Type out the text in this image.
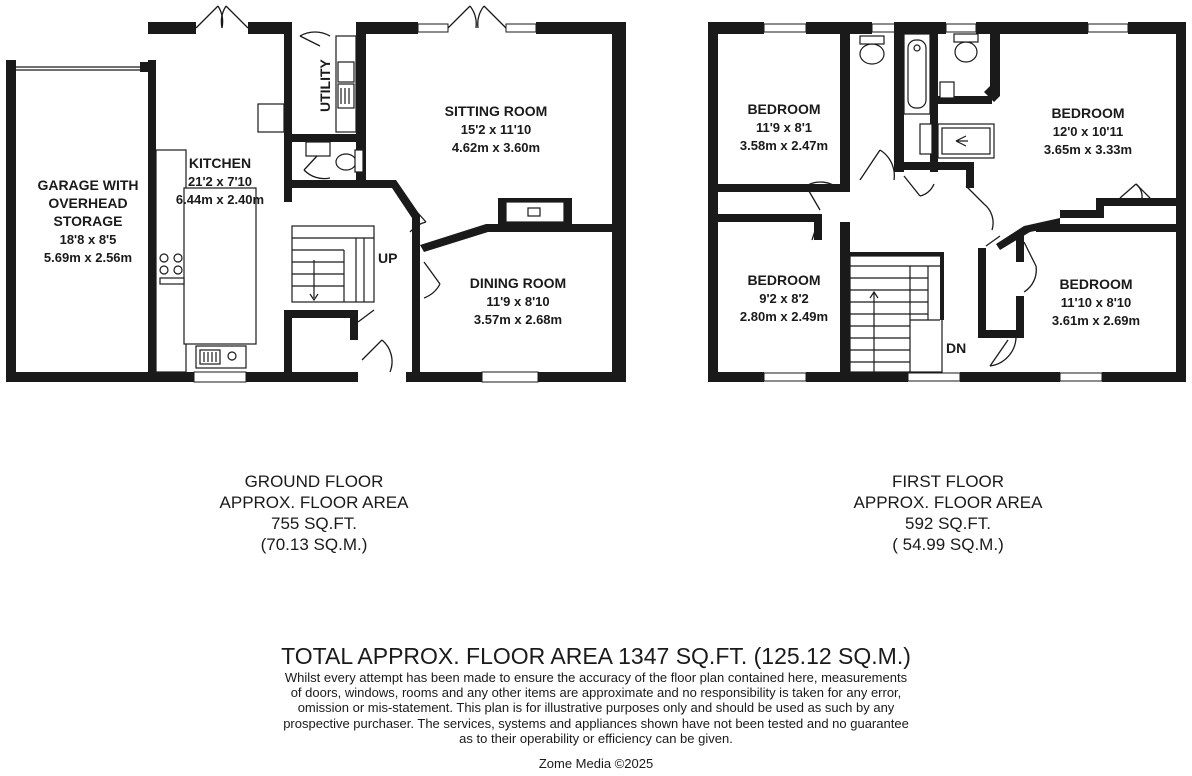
GARAGE WITH
OVERHEAD
STORAGE
18'8 x 8'5
5.69m x 2.56m
KITCHEN
21'2 x 7'10
6.44m x 2.40m
UTILITY	SITTING ROOM
15'2 x 11'10
4.62m x 3.60m
DINING ROOM
11'9 x 8'10
3.57m x 2.68m
UP
BEDROOM
11'9 x 8'1
3.58m x 2.47m
BEDROOM
12'0 x 10'11
3.65m x 3.33m
BEDROOM
9'2 x 8'2
2.80m x 2.49m
BEDROOM
11'10 x 8'10
3.61m x 2.69m
DN
GROUND FLOOR
APPROX. FLOOR AREA
755 SQ.FT.
(70.13 SQ.M.)
FIRST FLOOR
APPROX. FLOOR AREA
592 SQ.FT.
( 54.99 SQ.M.)
TOTAL APPROX. FLOOR AREA 1347 SQ.FT. (125.12 SQ.M.)
Whilst every attempt has been made to ensure the accuracy of the floor plan contained here, measurements
of doors, windows, rooms and any other items are approximate and no responsibility is taken for any error,
omission or mis-statement. This plan is for illustrative purposes only and should be used as such by any
prospective purchaser. The services, systems and appliances shown have not been tested and no guarantee
as to their operability or efficiency can be given.
Zome Media ©2025
